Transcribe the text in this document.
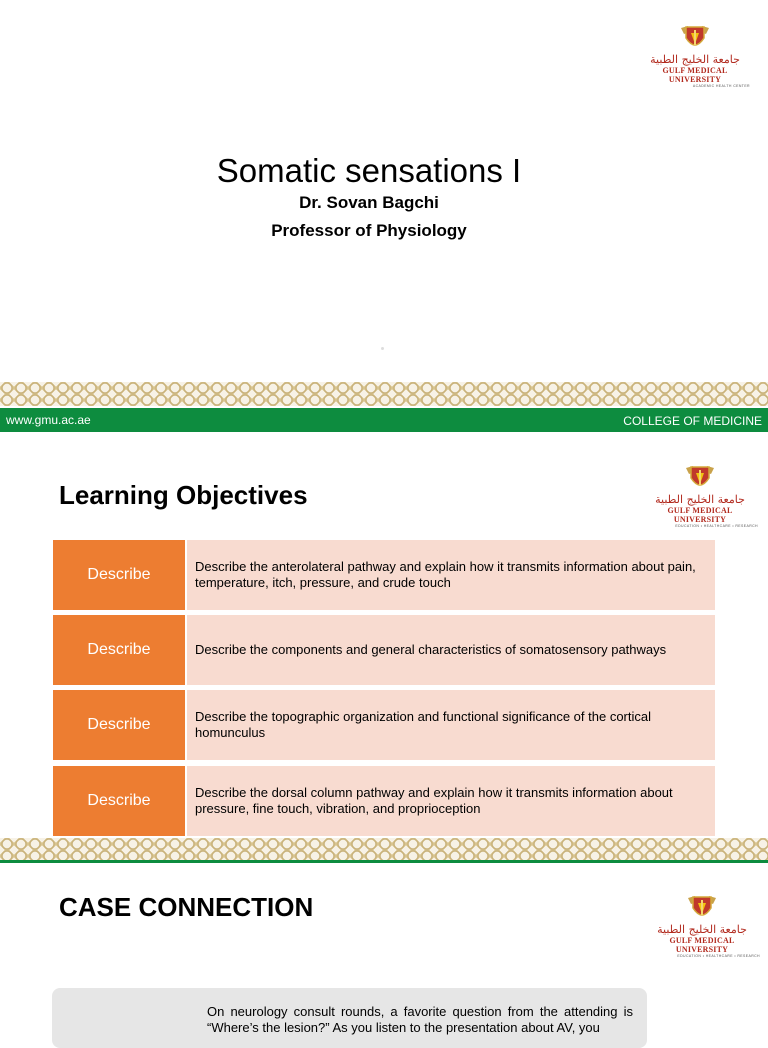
جامعة الخليج الطبية
GULF MEDICAL UNIVERSITY
ACADEMIC HEALTH CENTER
Somatic sensations I
Dr. Sovan Bagchi
Professor of Physiology
www.gmu.ac.ae	COLLEGE OF MEDICINE
Learning Objectives	جامعة الخليج الطبية
GULF MEDICAL UNIVERSITY
EDUCATION • HEALTHCARE • RESEARCH
Describe	Describe the anterolateral pathway and explain how it transmits information about pain, temperature, itch, pressure, and crude touch
Describe	Describe the components and general characteristics of somatosensory pathways
Describe	Describe the topographic organization and functional significance of the cortical homunculus
Describe	Describe the dorsal column pathway and explain how it transmits information about pressure, fine touch, vibration, and proprioception
CASE CONNECTION
جامعة الخليج الطبية
GULF MEDICAL UNIVERSITY
EDUCATION • HEALTHCARE • RESEARCH
On neurology consult rounds, a favorite question from the attending is “Where’s the lesion?” As you listen to the presentation about AV, you
